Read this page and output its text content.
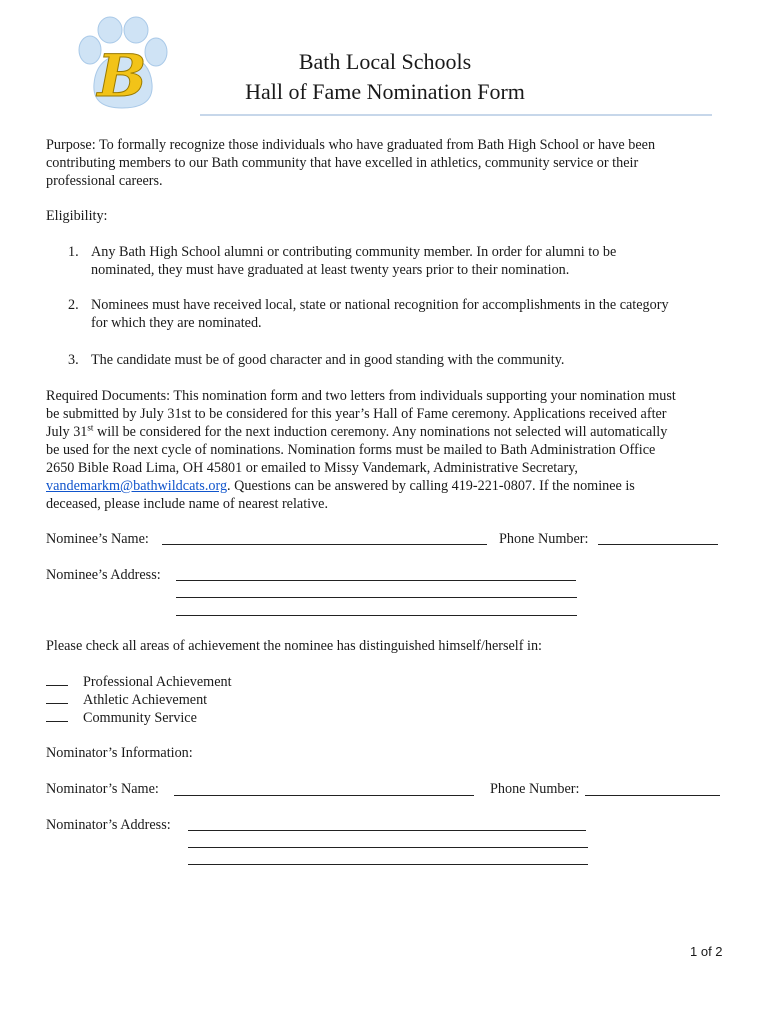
B	Bath Local Schools
Hall of Fame Nomination Form
Purpose: To formally recognize those individuals who have graduated from Bath High School or have been
contributing members to our Bath community that have excelled in athletics, community service or their
professional careers.
Eligibility:
1. Any Bath High School alumni or contributing community member. In order for alumni to be
nominated, they must have graduated at least twenty years prior to their nomination.
2. Nominees must have received local, state or national recognition for accomplishments in the category
for which they are nominated.
3. The candidate must be of good character and in good standing with the community.
Required Documents: This nomination form and two letters from individuals supporting your nomination must
be submitted by July 31st to be considered for this year’s Hall of Fame ceremony. Applications received after
July 31st will be considered for the next induction ceremony. Any nominations not selected will automatically
be used for the next cycle of nominations. Nomination forms must be mailed to Bath Administration Office
2650 Bible Road Lima, OH 45801 or emailed to Missy Vandemark, Administrative Secretary,
vandemarkm@bathwildcats.org. Questions can be answered by calling 419-221-0807. If the nominee is
deceased, please include name of nearest relative.
Nominee’s Name:	Phone Number:
Nominee’s Address:
Please check all areas of achievement the nominee has distinguished himself/herself in:
Professional Achievement
Athletic Achievement
Community Service
Nominator’s Information:
Nominator’s Name:	Phone Number:
Nominator’s Address:
1 of 2
